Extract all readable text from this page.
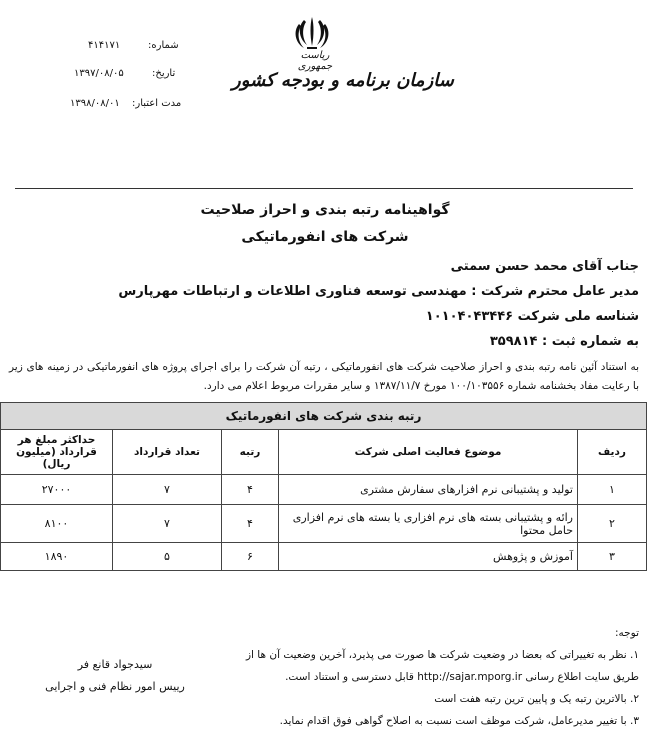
ریاست جمهوری
سازمان برنامه و بودجه کشور
شماره:
۴۱۴۱۷۱
تاریخ:
۱۳۹۷/۰۸/۰۵
مدت اعتبار:
۱۳۹۸/۰۸/۰۱
گواهینامه رتبه بندی و احراز صلاحیت
شرکت های انفورماتیکی
جناب آقای محمد حسن سمتی
مدیر عامل محترم شرکت : مهندسی توسعه فناوری اطلاعات و ارتباطات مهرپارس
شناسه ملی شرکت ۱۰۱۰۴۰۴۳۴۴۶
به شماره ثبت : ۳۵۹۸۱۴
به استناد آئین نامه رتبه بندی و احراز صلاحیت شرکت های انفورماتیکی ، رتبه آن شرکت را برای اجرای پروژه های انفورماتیکی در زمینه های زیر با رعایت مفاد بخشنامه شماره ۱۰۰/۱۰۳۵۵۶ مورخ ۱۳۸۷/۱۱/۷ و سایر مقررات مربوط اعلام می دارد.
رتبه بندی شرکت های انفورماتیک				
ردیف	موضوع فعالیت اصلی شرکت	رتبه	تعداد قرارداد	حداکثر مبلغ هر قرارداد (میلیون ریال)
۱	تولید و پشتیبانی نرم افزارهای سفارش مشتری	۴	۷	۲۷۰۰۰
۲	رائه و پشتیبانی بسته های نرم افزاری یا بسته های نرم افزاری حامل محتوا	۴	۷	۸۱۰۰
۳	آموزش و پژوهش	۶	۵	۱۸۹۰
توجه:
۱. نظر به تغییراتی که بعضا در وضعیت شرکت ها صورت می پذیرد، آخرین وضعیت آن ها از
طریق سایت اطلاع رسانی http://sajar.mporg.ir قابل دسترسی و استناد است.
۲. بالاترین رتبه یک و پایین ترین رتبه هفت است
۳. با تغییر مدیرعامل، شرکت موظف است نسبت به اصلاح گواهی فوق اقدام نماید.
سیدجواد قانع فر
رییس امور نظام فنی و اجرایی
